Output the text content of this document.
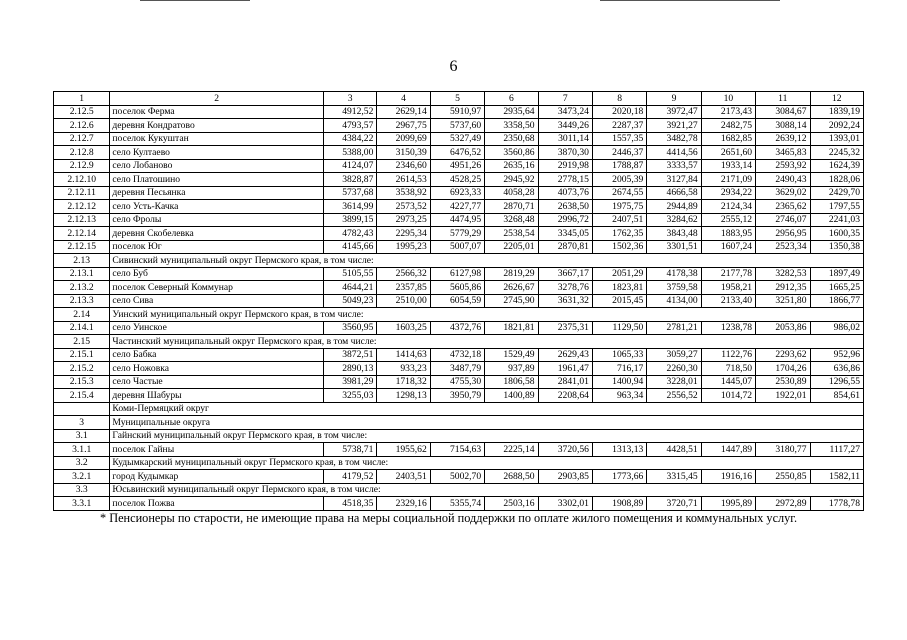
6
1	2	3	4	5	6	7	8	9	10	11	12
2.12.5	поселок Ферма	4912,52	2629,14	5910,97	2935,64	3473,24	2020,18	3972,47	2173,43	3084,67	1839,19
2.12.6	деревня Кондратово	4793,57	2967,75	5737,60	3358,50	3449,26	2287,37	3921,27	2482,75	3088,14	2092,24
2.12.7	поселок Кукуштан	4384,22	2099,69	5327,49	2350,68	3011,14	1557,35	3482,78	1682,85	2639,12	1393,01
2.12.8	село Култаево	5388,00	3150,39	6476,52	3560,86	3870,30	2446,37	4414,56	2651,60	3465,83	2245,32
2.12.9	село Лобаново	4124,07	2346,60	4951,26	2635,16	2919,98	1788,87	3333,57	1933,14	2593,92	1624,39
2.12.10	село Платошино	3828,87	2614,53	4528,25	2945,92	2778,15	2005,39	3127,84	2171,09	2490,43	1828,06
2.12.11	деревня Песьянка	5737,68	3538,92	6923,33	4058,28	4073,76	2674,55	4666,58	2934,22	3629,02	2429,70
2.12.12	село Усть-Качка	3614,99	2573,52	4227,77	2870,71	2638,50	1975,75	2944,89	2124,34	2365,62	1797,55
2.12.13	село Фролы	3899,15	2973,25	4474,95	3268,48	2996,72	2407,51	3284,62	2555,12	2746,07	2241,03
2.12.14	деревня Скобелевка	4782,43	2295,34	5779,29	2538,54	3345,05	1762,35	3843,48	1883,95	2956,95	1600,35
2.12.15	поселок Юг	4145,66	1995,23	5007,07	2205,01	2870,81	1502,36	3301,51	1607,24	2523,34	1350,38
2.13	Сивинский муниципальный округ Пермского края, в том числе:										
2.13.1	село Буб	5105,55	2566,32	6127,98	2819,29	3667,17	2051,29	4178,38	2177,78	3282,53	1897,49
2.13.2	поселок Северный Коммунар	4644,21	2357,85	5605,86	2626,67	3278,76	1823,81	3759,58	1958,21	2912,35	1665,25
2.13.3	село Сива	5049,23	2510,00	6054,59	2745,90	3631,32	2015,45	4134,00	2133,40	3251,80	1866,77
2.14	Уинский муниципальный округ Пермского края, в том числе:										
2.14.1	село Уинское	3560,95	1603,25	4372,76	1821,81	2375,31	1129,50	2781,21	1238,78	2053,86	986,02
2.15	Частинский муниципальный округ Пермского края, в том числе:										
2.15.1	село Бабка	3872,51	1414,63	4732,18	1529,49	2629,43	1065,33	3059,27	1122,76	2293,62	952,96
2.15.2	село Ножовка	2890,13	933,23	3487,79	937,89	1961,47	716,17	2260,30	718,50	1704,26	636,86
2.15.3	село Частые	3981,29	1718,32	4755,30	1806,58	2841,01	1400,94	3228,01	1445,07	2530,89	1296,55
2.15.4	деревня Шабуры	3255,03	1298,13	3950,79	1400,89	2208,64	963,34	2556,52	1014,72	1922,01	854,61
	Коми-Пермяцкий округ										
3	Муниципальные округа										
3.1	Гайнский муниципальный округ Пермского края, в том числе:										
3.1.1	поселок Гайны	5738,71	1955,62	7154,63	2225,14	3720,56	1313,13	4428,51	1447,89	3180,77	1117,27
3.2	Кудымкарский муниципальный округ Пермского края, в том числе:										
3.2.1	город Кудымкар	4179,52	2403,51	5002,70	2688,50	2903,85	1773,66	3315,45	1916,16	2550,85	1582,11
3.3	Юсьвинский муниципальный округ Пермского края, в том числе:										
3.3.1	поселок Пожва	4518,35	2329,16	5355,74	2503,16	3302,01	1908,89	3720,71	1995,89	2972,89	1778,78
* Пенсионеры по старости, не имеющие права на меры социальной поддержки по оплате жилого помещения и коммунальных услуг.
